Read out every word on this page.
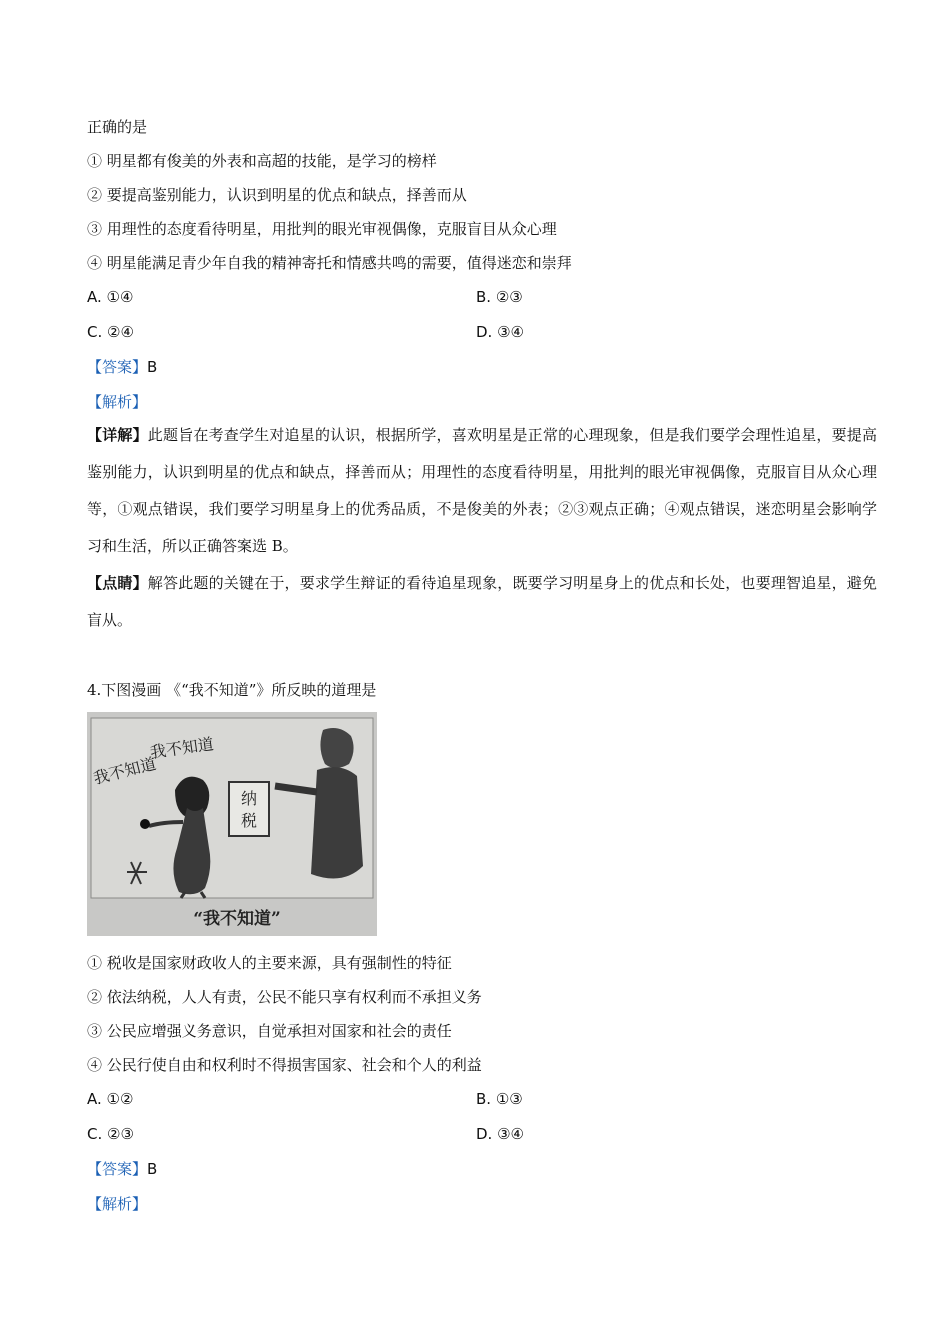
正确的是
① 明星都有俊美的外表和高超的技能，是学习的榜样
② 要提高鉴别能力，认识到明星的优点和缺点，择善而从
③ 用理性的态度看待明星，用批判的眼光审视偶像，克服盲目从众心理
④ 明星能满足青少年自我的精神寄托和情感共鸣的需要，值得迷恋和崇拜
A. ①④	B. ②③
C. ②④	D. ③④
【答案】B
【解析】
【详解】此题旨在考查学生对追星的认识，根据所学，喜欢明星是正常的心理现象，但是我们要学会理性追星，要提高鉴别能力，认识到明星的优点和缺点，择善而从；用理性的态度看待明星，用批判的眼光审视偶像，克服盲目从众心理等，①观点错误，我们要学习明星身上的优秀品质，不是俊美的外表；②③观点正确；④观点错误，迷恋明星会影响学习和生活，所以正确答案选 B。
【点睛】解答此题的关键在于，要求学生辩证的看待追星现象，既要学习明星身上的优点和长处，也要理智追星，避免盲从。
4.下图漫画 《“我不知道”》所反映的道理是
纳
税
我不知道
我不知道
“我不知道”
① 税收是国家财政收人的主要来源，具有强制性的特征
② 依法纳税，人人有责，公民不能只享有权利而不承担义务
③ 公民应增强义务意识，自觉承担对国家和社会的责任
④ 公民行使自由和权利时不得损害国家、社会和个人的利益
A. ①②	B. ①③
C. ②③	D. ③④
【答案】B
【解析】
